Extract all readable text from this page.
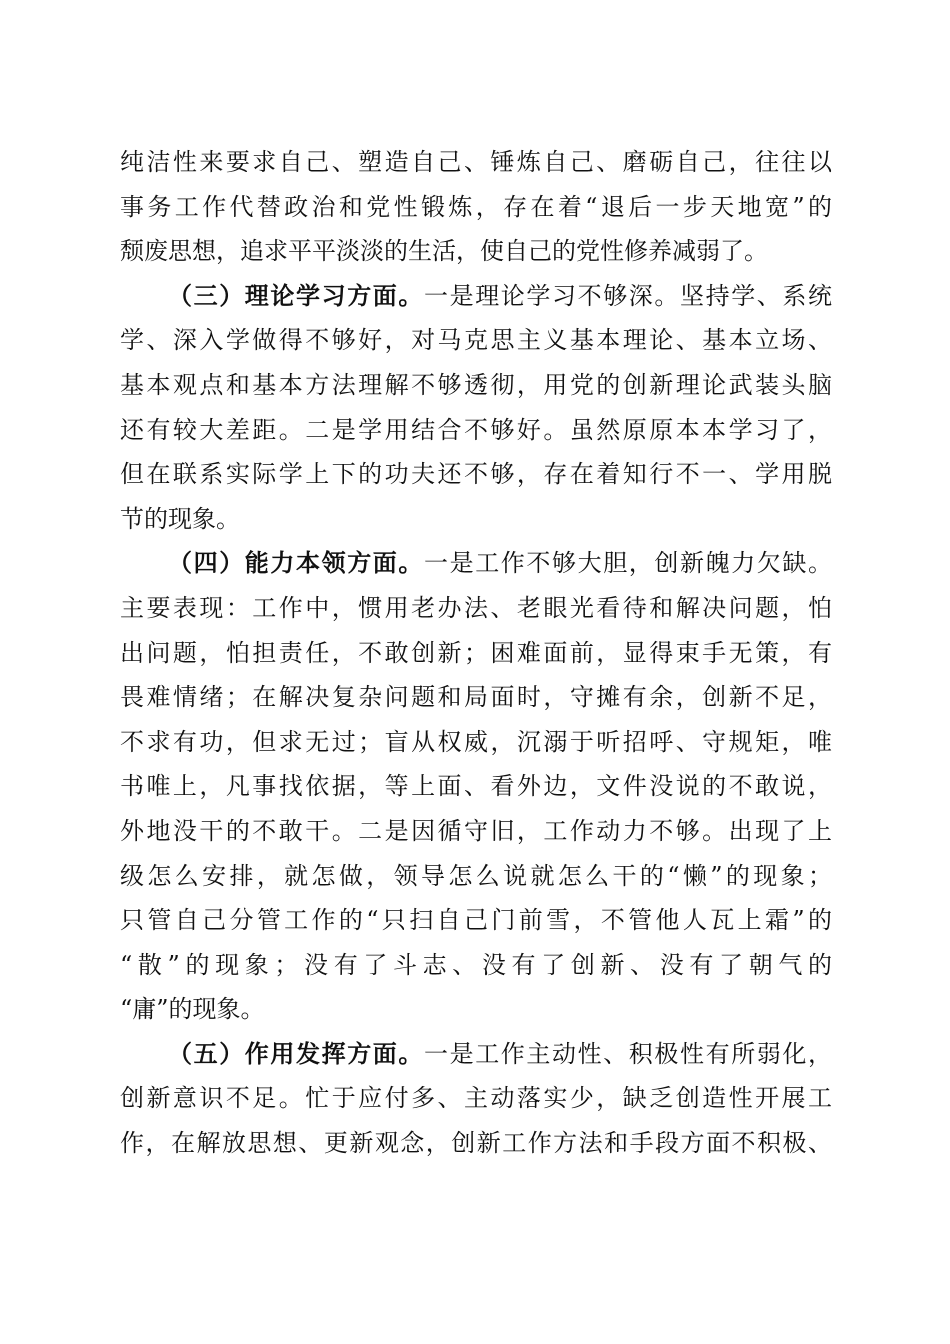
纯洁性来要求自己、塑造自己、锤炼自己、磨砺自己，往往以
事务工作代替政治和党性锻炼，存在着“退后一步天地宽”的
颓废思想，追求平平淡淡的生活，使自己的党性修养减弱了。
（三）理论学习方面。一是理论学习不够深。坚持学、系统
学、深入学做得不够好，对马克思主义基本理论、基本立场、
基本观点和基本方法理解不够透彻，用党的创新理论武装头脑
还有较大差距。二是学用结合不够好。虽然原原本本学习了，
但在联系实际学上下的功夫还不够，存在着知行不一、学用脱
节的现象。
（四）能力本领方面。一是工作不够大胆，创新魄力欠缺。
主要表现：工作中，惯用老办法、老眼光看待和解决问题，怕
出问题，怕担责任，不敢创新；困难面前，显得束手无策，有
畏难情绪；在解决复杂问题和局面时，守摊有余，创新不足，
不求有功，但求无过；盲从权威，沉溺于听招呼、守规矩，唯
书唯上，凡事找依据，等上面、看外边，文件没说的不敢说，
外地没干的不敢干。二是因循守旧，工作动力不够。出现了上
级怎么安排，就怎做，领导怎么说就怎么干的“懒”的现象；
只管自己分管工作的“只扫自己门前雪，不管他人瓦上霜”的
“散”的现象；没有了斗志、没有了创新、没有了朝气的
“庸”的现象。
（五）作用发挥方面。一是工作主动性、积极性有所弱化，
创新意识不足。忙于应付多、主动落实少，缺乏创造性开展工
作，在解放思想、更新观念，创新工作方法和手段方面不积极、
